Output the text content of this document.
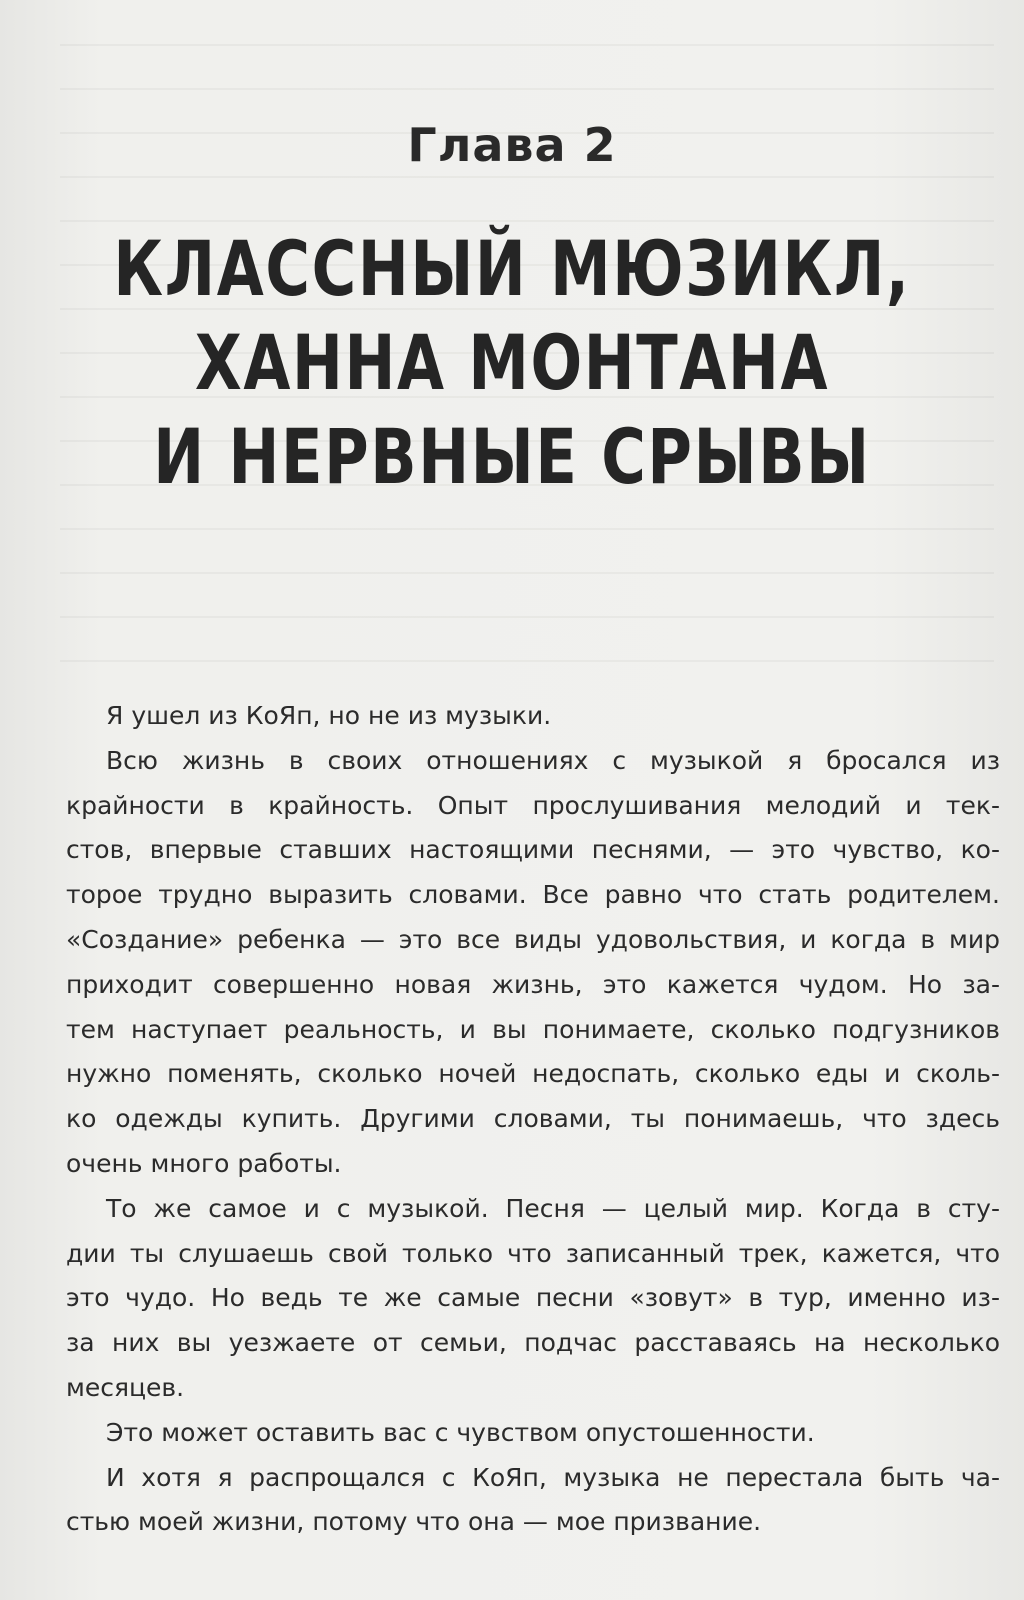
Глава 2
КЛАССНЫЙ МЮЗИКЛ,
ХАННА МОНТАНА
И НЕРВНЫЕ СРЫВЫ
Я ушел из КоЯп, но не из музыки.
Всю жизнь в своих отношениях с музыкой я бросался из
крайности в крайность. Опыт прослушивания мелодий и тек-
стов, впервые ставших настоящими песнями, — это чувство, ко-
торое трудно выразить словами. Все равно что стать родителем.
«Создание» ребенка — это все виды удовольствия, и когда в мир
приходит совершенно новая жизнь, это кажется чудом. Но за-
тем наступает реальность, и вы понимаете, сколько подгузников
нужно поменять, сколько ночей недоспать, сколько еды и сколь-
ко одежды купить. Другими словами, ты понимаешь, что здесь
очень много работы.
То же самое и с музыкой. Песня — целый мир. Когда в сту-
дии ты слушаешь свой только что записанный трек, кажется, что
это чудо. Но ведь те же самые песни «зовут» в тур, именно из-
за них вы уезжаете от семьи, подчас расставаясь на несколько
месяцев.
Это может оставить вас с чувством опустошенности.
И хотя я распрощался с КоЯп, музыка не перестала быть ча-
стью моей жизни, потому что она — мое призвание.
